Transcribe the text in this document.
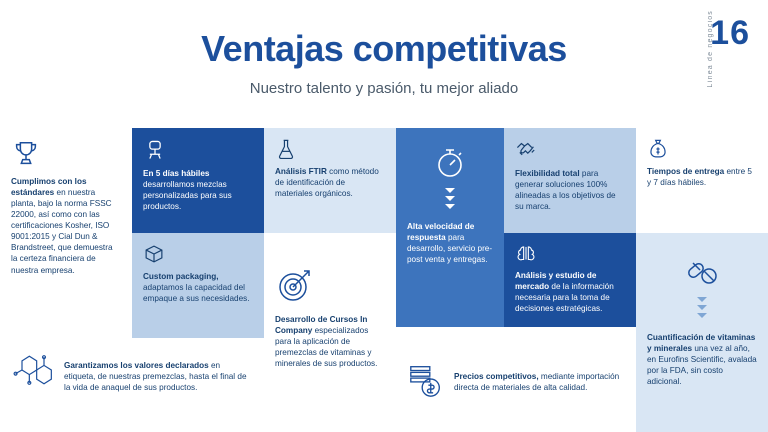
Ventajas competitivas
Nuestro talento y pasión, tu mejor aliado
16
Línea de negocios
Cumplimos con los estándares en nuestra planta, bajo la norma FSSC 22000, así como con las certificaciones Kosher, ISO 9001:2015 y Cial Dun & Brandstreet, que demuestra la certeza financiera de nuestra empresa.
Garantizamos los valores declarados en etiqueta, de nuestras premezclas, hasta el final de la vida de anaquel de sus productos.
En 5 días hábiles desarrollamos mezclas personalizadas para sus productos.
Custom packaging, adaptamos la capacidad del empaque a sus necesidades.
Análisis FTIR como método de identificación de materiales orgánicos.
Desarrollo de Cursos In Company especializados para la aplicación de premezclas de vitaminas y minerales de sus productos.
Alta velocidad de respuesta para desarrollo, servicio pre-post venta y entregas.
Precios competitivos, mediante importación directa de materiales de alta calidad.
Flexibilidad total para generar soluciones 100% alineadas a los objetivos de su marca.
Análisis y estudio de mercado de la información necesaria para la toma de decisiones estratégicas.
Tiempos de entrega entre 5 y 7 días hábiles.
Cuantificación de vitaminas y minerales una vez al año, en Eurofins Scientific, avalada por la FDA, sin costo adicional.
